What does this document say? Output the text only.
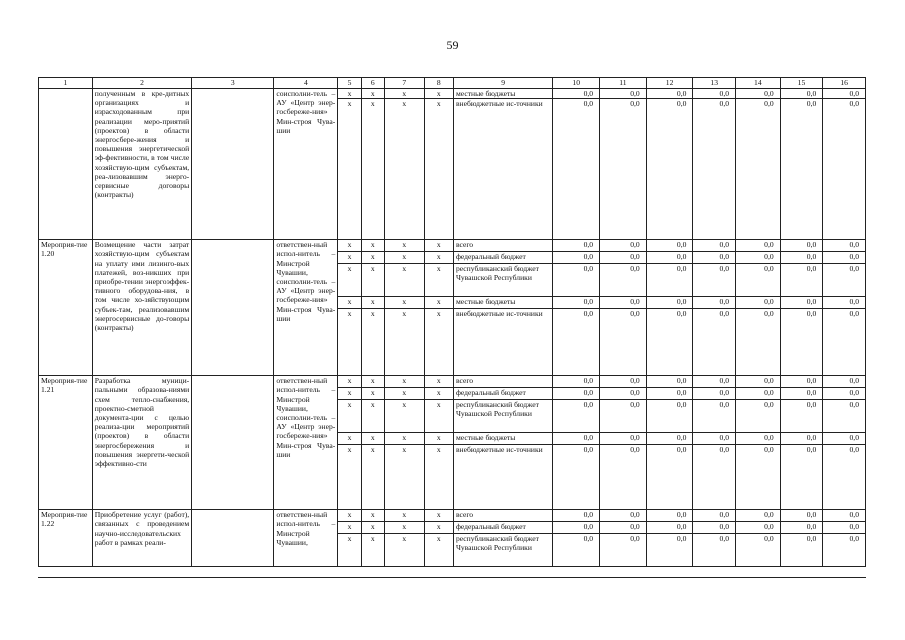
59
1	2	3	4	5	6	7	8	9	10	11	12	13	14	15	16
	полученным в кре-дитных организациях и израсходованным при реализации меро-приятий (проектов) в области энергосбере-жения и повышения энергетической эф-фективности, в том числе хозяйствую-щим субъектам, реа-лизовавшим энерго-сервисные договоры (контракты)		соисполни-тель – АУ «Центр энер-госбереже-ния» Мин-строя Чува-шии	x	x	x	x	местные бюджеты	0,0	0,0	0,0	0,0	0,0	0,0	0,0
				x	x	x	x	внебюджетные ис-точники	0,0	0,0	0,0	0,0	0,0	0,0	0,0
Мероприя-тие 1.20	Возмещение части затрат хозяйствую-щим субъектам на уплату ими лизинго-вых платежей, воз-никших при приобре-тении энергоэффек-тивного оборудова-ния, в том числе хо-зяйствующим субъек-там, реализовавшим энергосервисные до-говоры (контракты)		ответствен-ный испол-нитель – Минстрой Чувашии, соисполни-тель – АУ «Центр энер-госбереже-ния» Мин-строя Чува-шии	x	x	x	x	всего	0,0	0,0	0,0	0,0	0,0	0,0	0,0
				x	x	x	x	федеральный бюджет	0,0	0,0	0,0	0,0	0,0	0,0	0,0
				x	x	x	x	республиканский бюджет Чувашской Республики	0,0	0,0	0,0	0,0	0,0	0,0	0,0
				x	x	x	x	местные бюджеты	0,0	0,0	0,0	0,0	0,0	0,0	0,0
				x	x	x	x	внебюджетные ис-точники	0,0	0,0	0,0	0,0	0,0	0,0	0,0
Мероприя-тие 1.21	Разработка муници-пальными образова-ниями схем тепло-снабжения, проектно-сметной документа-ции с целью реализа-ции мероприятий (проектов) в области энергосбережения и повышения энергети-ческой эффективно-сти		ответствен-ный испол-нитель – Минстрой Чувашии, соисполни-тель – АУ «Центр энер-госбереже-ния» Мин-строя Чува-шии	x	x	x	x	всего	0,0	0,0	0,0	0,0	0,0	0,0	0,0
				x	x	x	x	федеральный бюджет	0,0	0,0	0,0	0,0	0,0	0,0	0,0
				x	x	x	x	республиканский бюджет Чувашской Республики	0,0	0,0	0,0	0,0	0,0	0,0	0,0
				x	x	x	x	местные бюджеты	0,0	0,0	0,0	0,0	0,0	0,0	0,0
				x	x	x	x	внебюджетные ис-точники	0,0	0,0	0,0	0,0	0,0	0,0	0,0
Мероприя-тие 1.22	Приобретение услуг (работ), связанных с проведением научно-исследовательских работ в рамках реали-		ответствен-ный испол-нитель – Минстрой Чувашии,	x	x	x	x	всего	0,0	0,0	0,0	0,0	0,0	0,0	0,0
				x	x	x	x	федеральный бюджет	0,0	0,0	0,0	0,0	0,0	0,0	0,0
				x	x	x	x	республиканский бюджет Чувашской Республики	0,0	0,0	0,0	0,0	0,0	0,0	0,0
